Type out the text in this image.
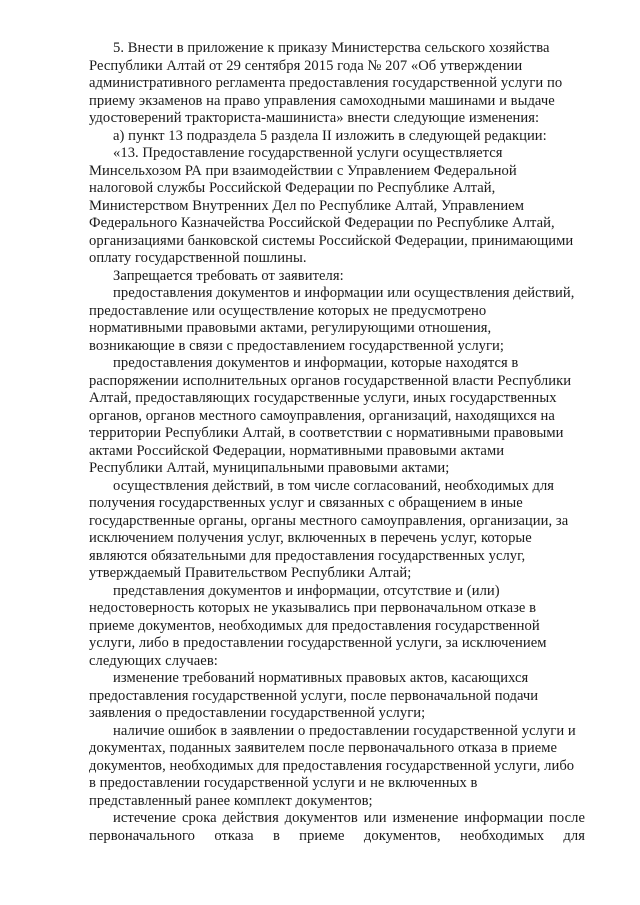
5. Внести в приложение к приказу Министерства сельского хозяйства
Республики Алтай от 29 сентября 2015 года № 207 «Об утверждении
административного регламента предоставления государственной услуги по
приему экзаменов на право управления самоходными машинами и выдаче
удостоверений тракториста-машиниста» внести следующие изменения:

а) пункт 13 подраздела 5 раздела II изложить в следующей редакции:

«13. Предоставление государственной услуги осуществляется
Минсельхозом РА при взаимодействии с Управлением Федеральной
налоговой службы Российской Федерации по Республике Алтай,
Министерством Внутренних Дел по Республике Алтай, Управлением
Федерального Казначейства Российской Федерации по Республике Алтай,
организациями банковской системы Российской Федерации, принимающими
оплату государственной пошлины.

Запрещается требовать от заявителя:

предоставления документов и информации или осуществления действий,
предоставление или осуществление которых не предусмотрено
нормативными правовыми актами, регулирующими отношения,
возникающие в связи с предоставлением государственной услуги;

предоставления документов и информации, которые находятся в
распоряжении исполнительных органов государственной власти Республики
Алтай, предоставляющих государственные услуги, иных государственных
органов, органов местного самоуправления, организаций, находящихся на
территории Республики Алтай, в соответствии с нормативными правовыми
актами Российской Федерации, нормативными правовыми актами
Республики Алтай, муниципальными правовыми актами;

осуществления действий, в том числе согласований, необходимых для
получения государственных услуг и связанных с обращением в иные
государственные органы, органы местного самоуправления, организации, за
исключением получения услуг, включенных в перечень услуг, которые
являются обязательными для предоставления государственных услуг,
утверждаемый Правительством Республики Алтай;

представления документов и информации, отсутствие и (или)
недостоверность которых не указывались при первоначальном отказе в
приеме документов, необходимых для предоставления государственной
услуги, либо в предоставлении государственной услуги, за исключением
следующих случаев:

изменение требований нормативных правовых актов, касающихся
предоставления государственной услуги, после первоначальной подачи
заявления о предоставлении государственной услуги;

наличие ошибок в заявлении о предоставлении государственной услуги и
документах, поданных заявителем после первоначального отказа в приеме
документов, необходимых для предоставления государственной услуги, либо
в предоставлении государственной услуги и не включенных в
представленный ранее комплект документов;

истечение срока действия документов или изменение информации после
первоначального отказа в приеме документов, необходимых для
